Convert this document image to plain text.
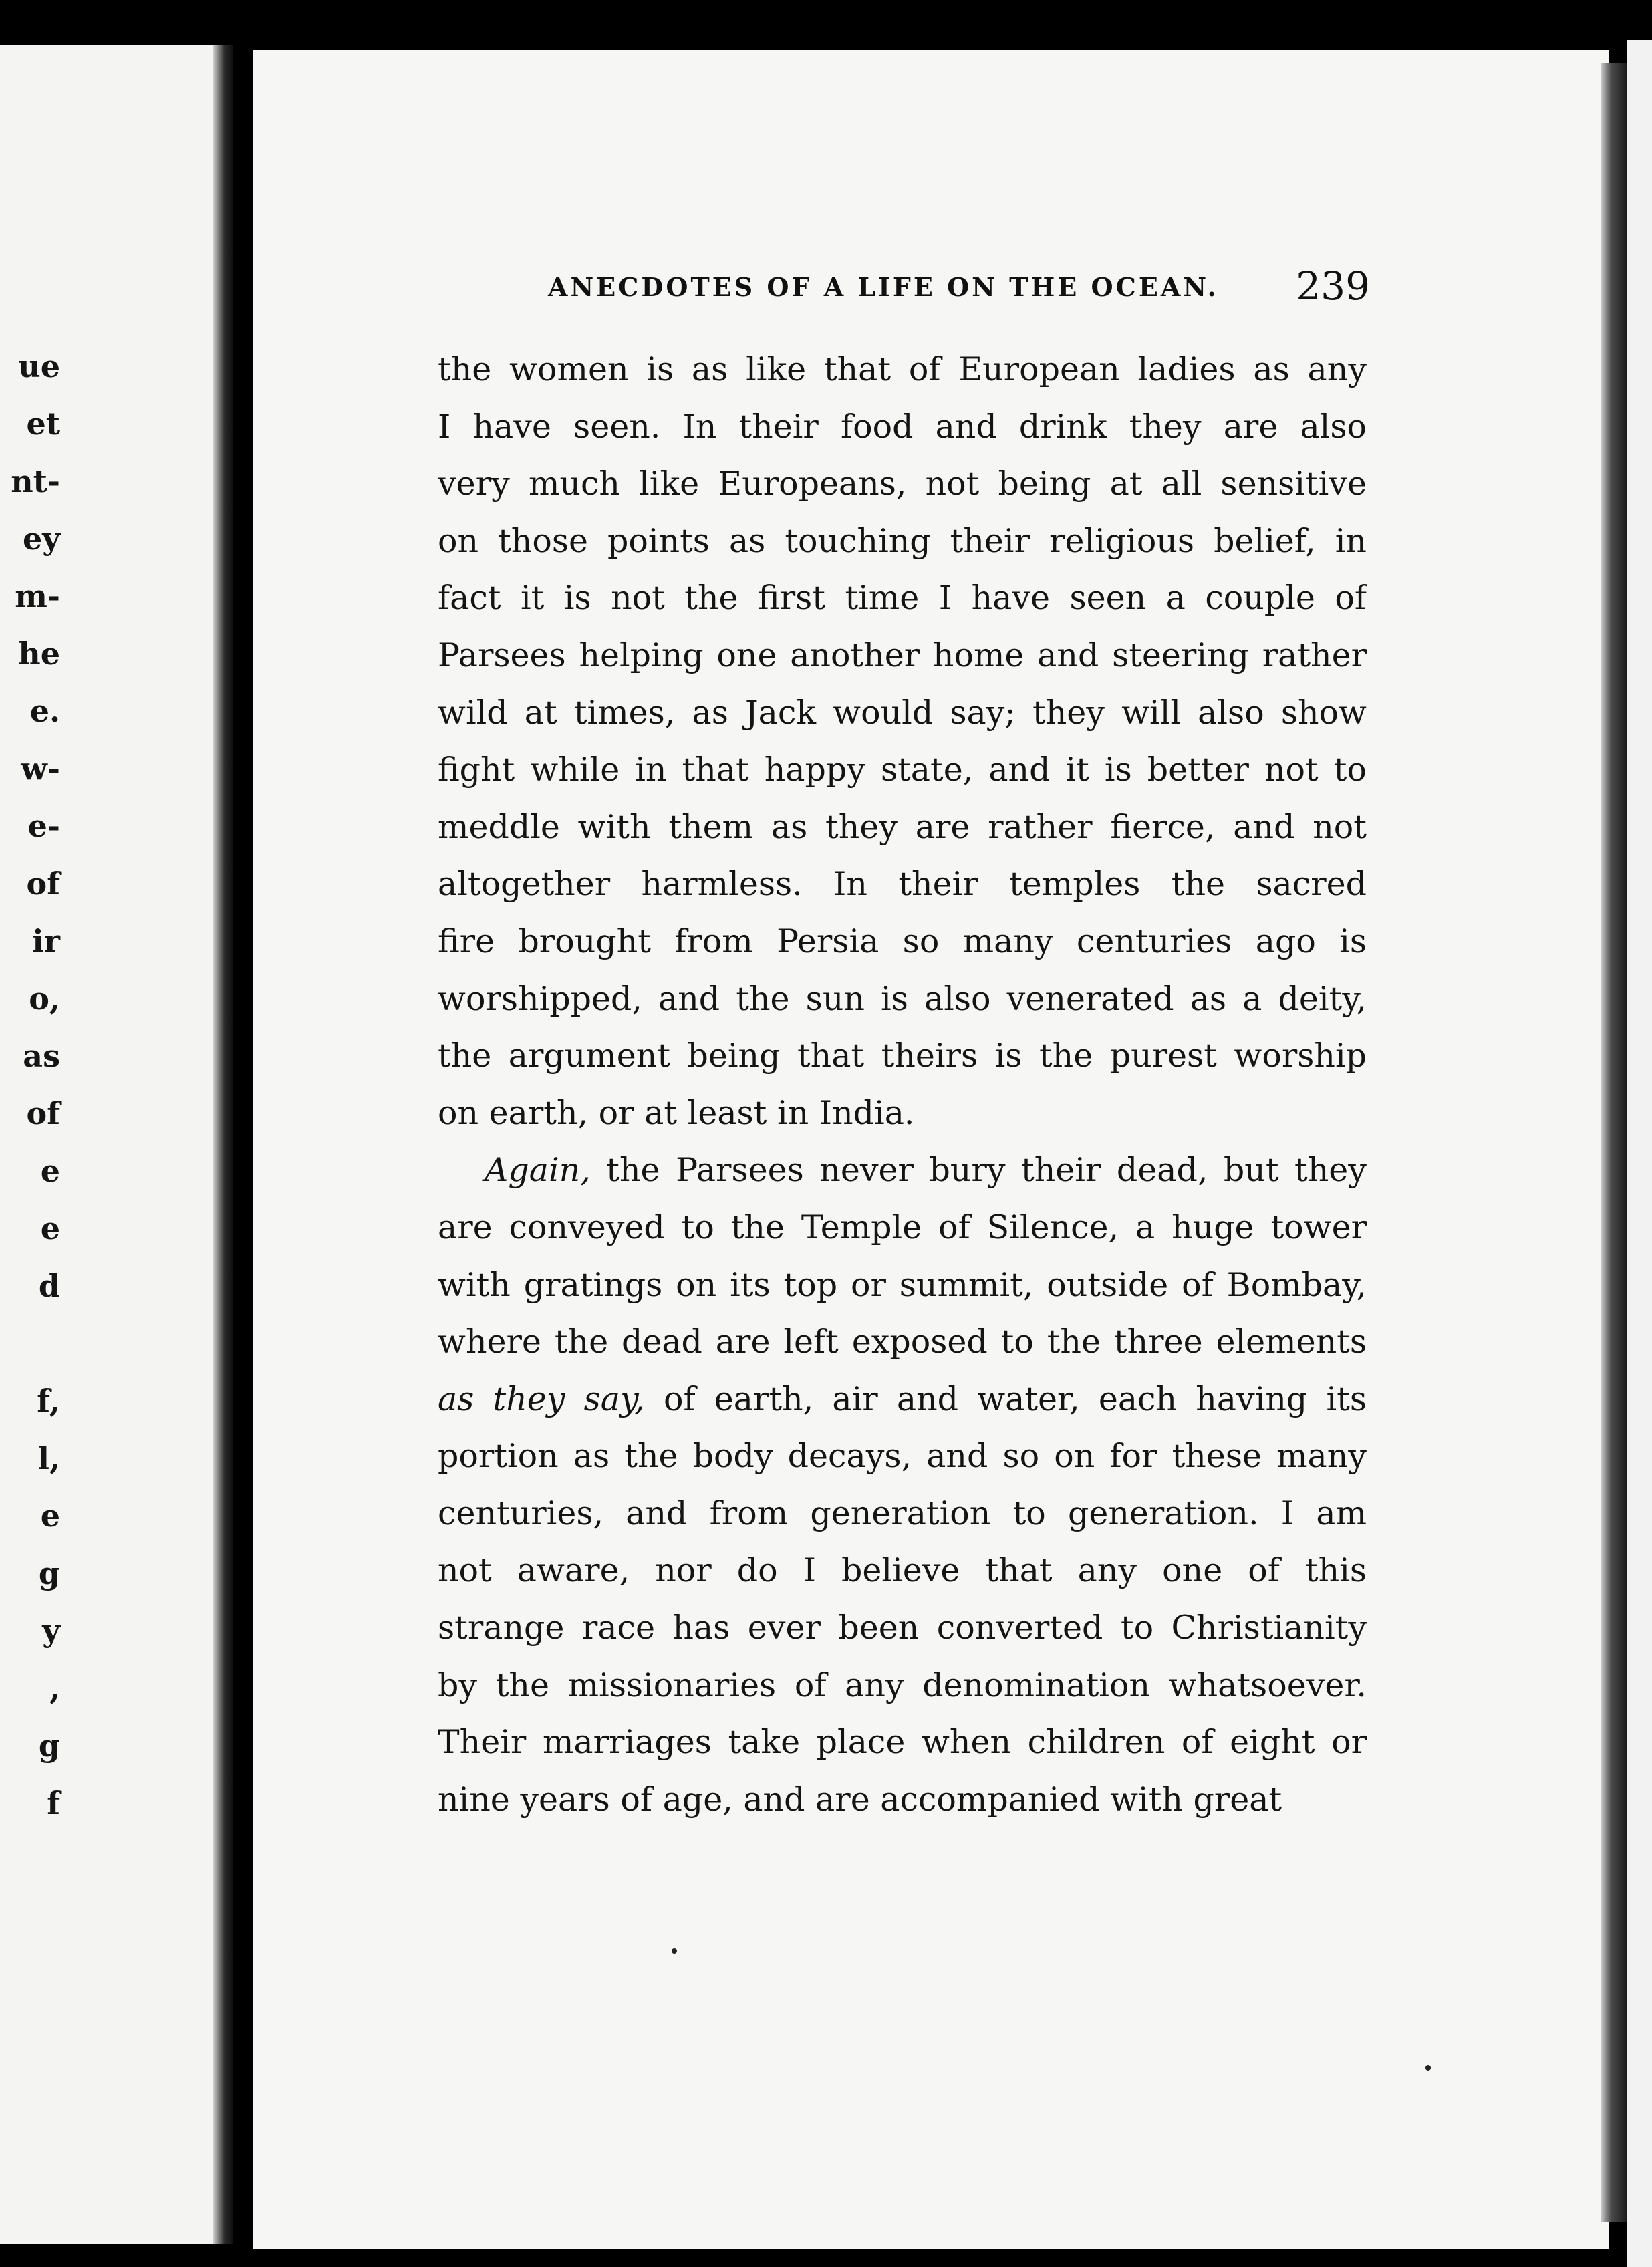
ue
et
nt-
ey
m-
he
e.
w-
e-
of
ir
o,
as
of
e
e
d
f,
l,
e
g
y
,
g
f
ANECDOTES OF A LIFE ON THE OCEAN.	239
the women is as like that of European ladies as any
I have seen. In their food and drink they are also
very much like Europeans, not being at all sensitive
on those points as touching their religious belief, in
fact it is not the first time I have seen a couple of
Parsees helping one another home and steering rather
wild at times, as Jack would say; they will also show
fight while in that happy state, and it is better not to
meddle with them as they are rather fierce, and not
altogether harmless. In their temples the sacred
fire brought from Persia so many centuries ago is
worshipped, and the sun is also venerated as a deity,
the argument being that theirs is the purest worship
on earth, or at least in India.
Again, the Parsees never bury their dead, but they
are conveyed to the Temple of Silence, a huge tower
with gratings on its top or summit, outside of Bombay,
where the dead are left exposed to the three elements
as they say, of earth, air and water, each having its
portion as the body decays, and so on for these many
centuries, and from generation to generation. I am
not aware, nor do I believe that any one of this
strange race has ever been converted to Christianity
by the missionaries of any denomination whatsoever.
Their marriages take place when children of eight or
nine years of age, and are accompanied with great
